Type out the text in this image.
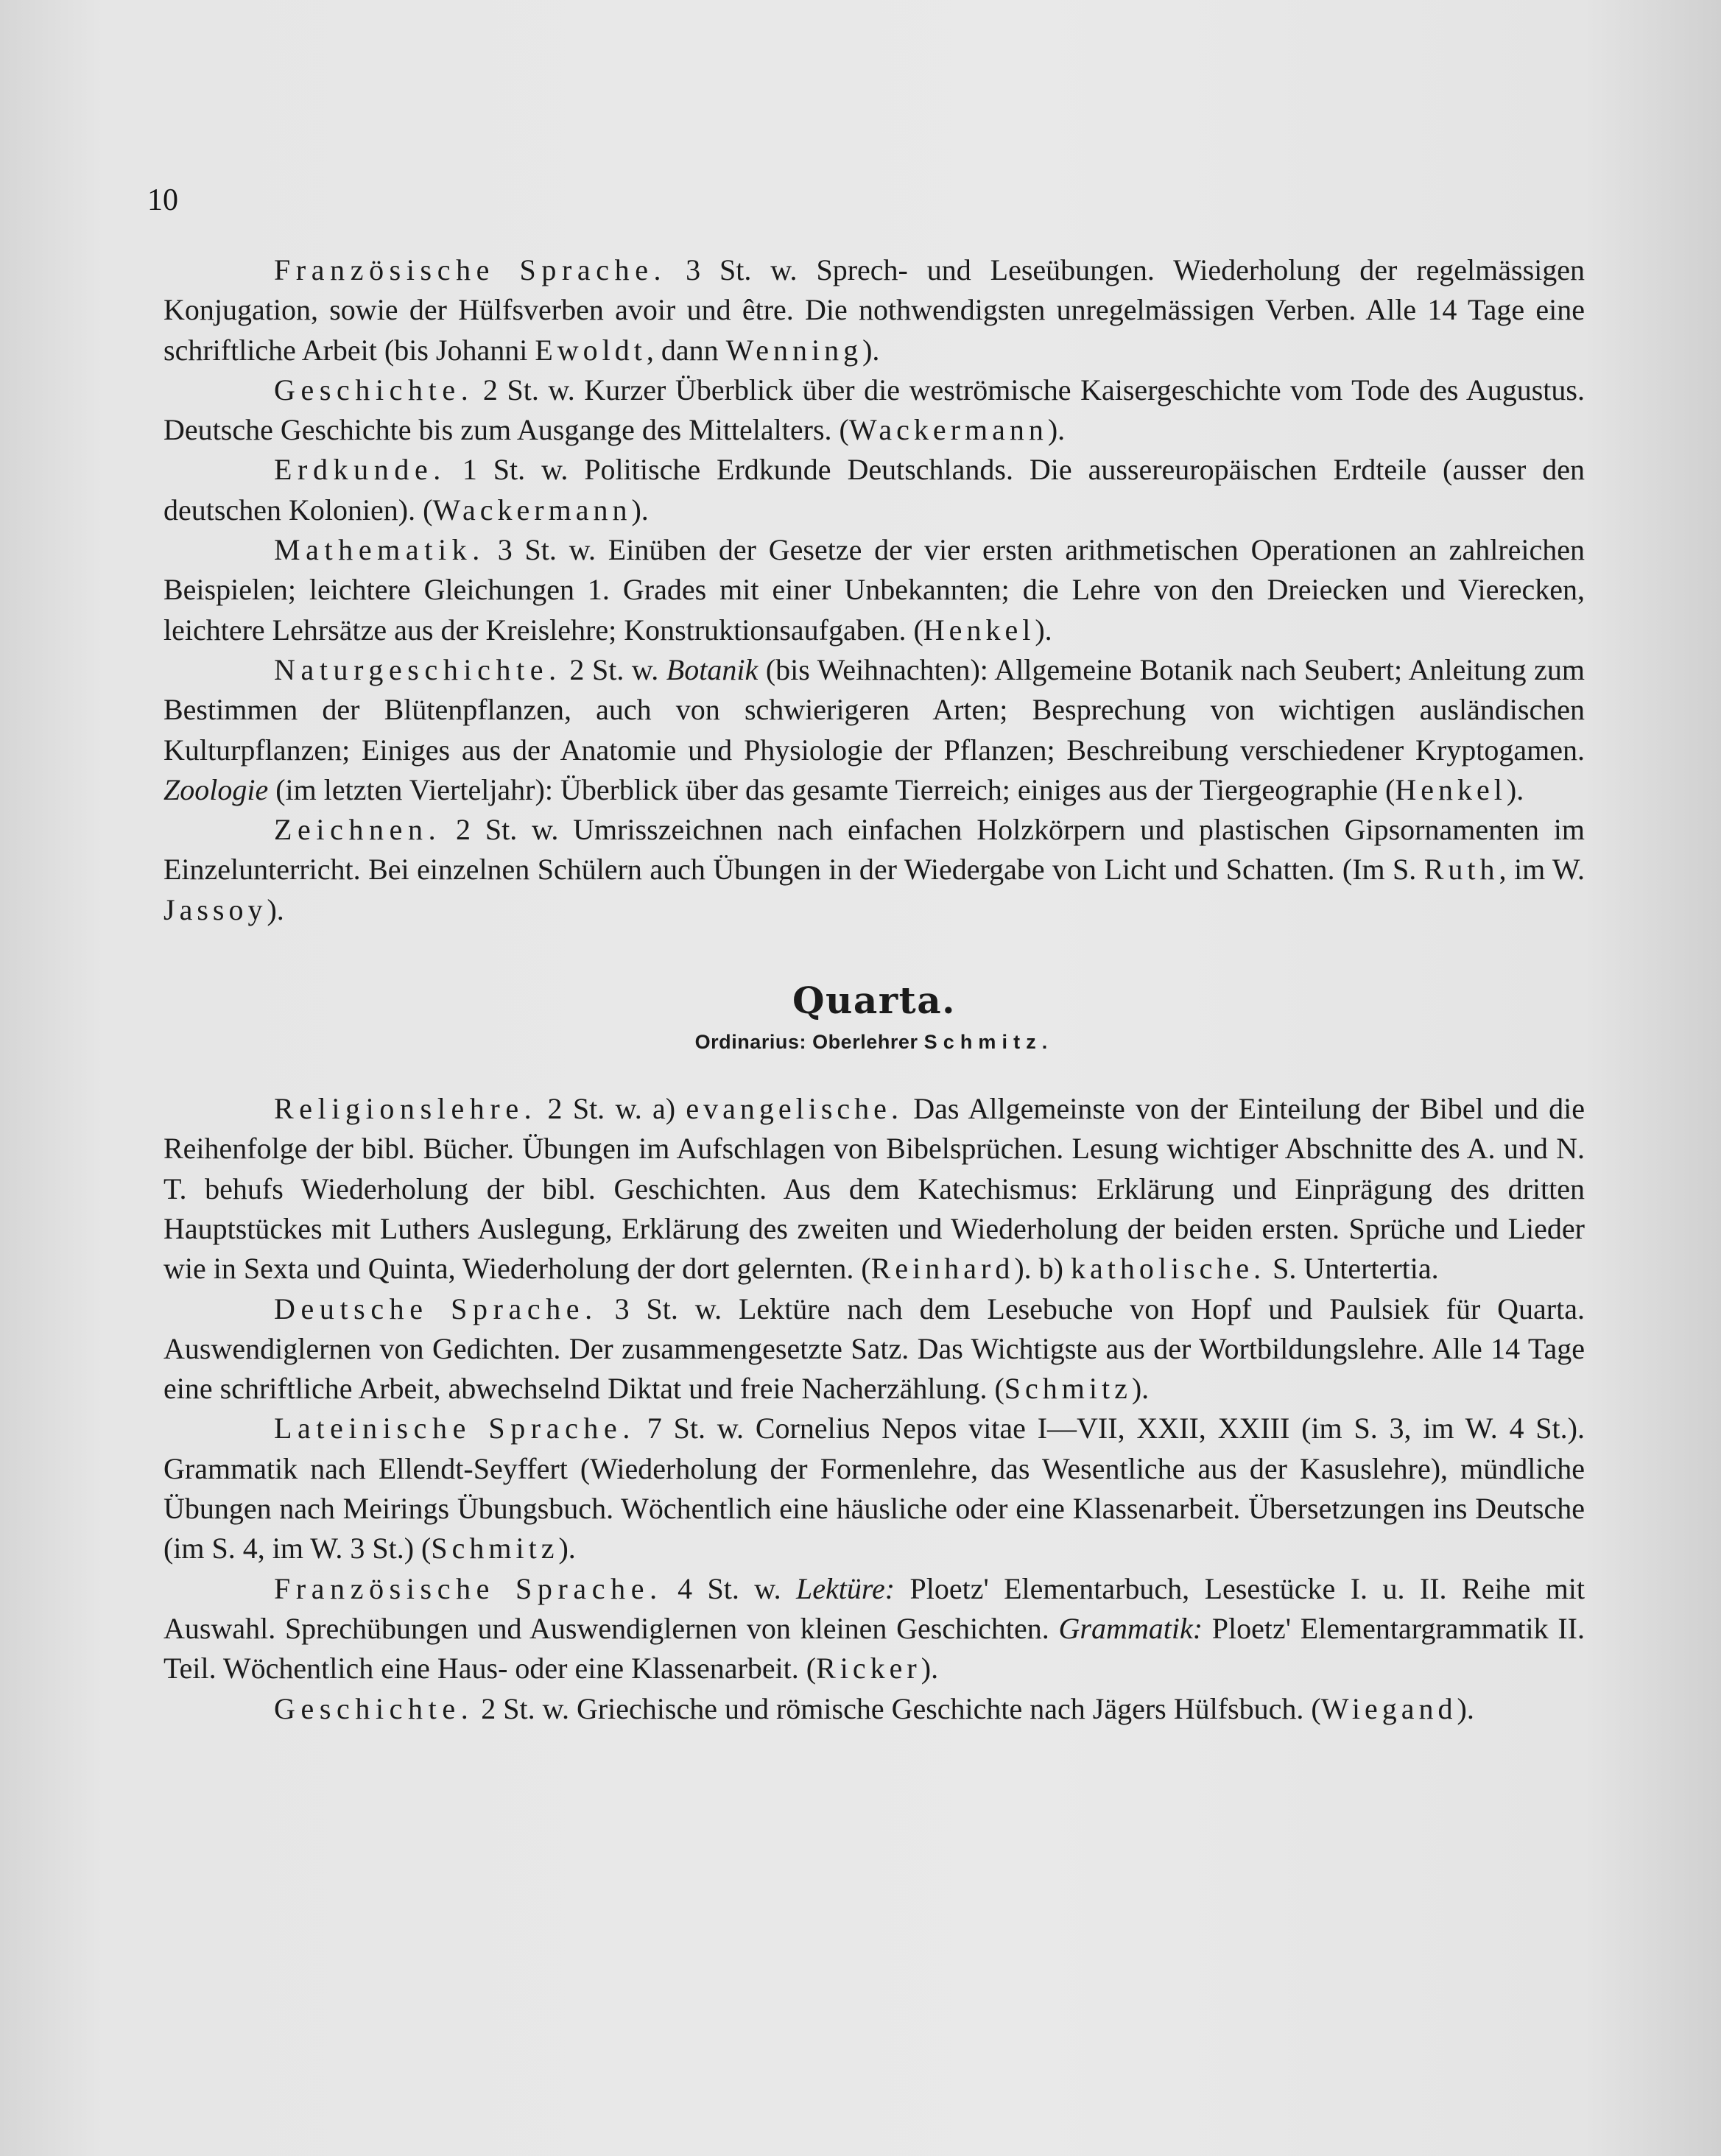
10

Französische Sprache. 3 St. w. Sprech- und Leseübungen. Wiederholung der regelmässigen Konjugation, sowie der Hülfsverben avoir und être. Die nothwendigsten unregelmässigen Verben. Alle 14 Tage eine schriftliche Arbeit (bis Johanni Ewoldt, dann Wenning).

Geschichte. 2 St. w. Kurzer Überblick über die weströmische Kaisergeschichte vom Tode des Augustus. Deutsche Geschichte bis zum Ausgange des Mittelalters. (Wackermann).

Erdkunde. 1 St. w. Politische Erdkunde Deutschlands. Die aussereuropäischen Erdteile (ausser den deutschen Kolonien). (Wackermann).

Mathematik. 3 St. w. Einüben der Gesetze der vier ersten arithmetischen Operationen an zahlreichen Beispielen; leichtere Gleichungen 1. Grades mit einer Unbekannten; die Lehre von den Dreiecken und Vierecken, leichtere Lehrsätze aus der Kreislehre; Konstruktionsaufgaben. (Henkel).

Naturgeschichte. 2 St. w. Botanik (bis Weihnachten): Allgemeine Botanik nach Seubert; Anleitung zum Bestimmen der Blütenpflanzen, auch von schwierigeren Arten; Besprechung von wichtigen ausländischen Kulturpflanzen; Einiges aus der Anatomie und Physiologie der Pflanzen; Beschreibung verschiedener Kryptogamen. Zoologie (im letzten Vierteljahr): Überblick über das gesamte Tierreich; einiges aus der Tiergeographie (Henkel).

Zeichnen. 2 St. w. Umrisszeichnen nach einfachen Holzkörpern und plastischen Gipsornamenten im Einzelunterricht. Bei einzelnen Schülern auch Übungen in der Wiedergabe von Licht und Schatten. (Im S. Ruth, im W. Jassoy).

Quarta.

Ordinarius: Oberlehrer Schmitz.

Religionslehre. 2 St. w. a) evangelische. Das Allgemeinste von der Einteilung der Bibel und die Reihenfolge der bibl. Bücher. Übungen im Aufschlagen von Bibelsprüchen. Lesung wichtiger Abschnitte des A. und N. T. behufs Wiederholung der bibl. Geschichten. Aus dem Katechismus: Erklärung und Einprägung des dritten Hauptstückes mit Luthers Auslegung, Erklärung des zweiten und Wiederholung der beiden ersten. Sprüche und Lieder wie in Sexta und Quinta, Wiederholung der dort gelernten. (Reinhard). b) katholische. S. Untertertia.

Deutsche Sprache. 3 St. w. Lektüre nach dem Lesebuche von Hopf und Paulsiek für Quarta. Auswendiglernen von Gedichten. Der zusammengesetzte Satz. Das Wichtigste aus der Wortbildungslehre. Alle 14 Tage eine schriftliche Arbeit, abwechselnd Diktat und freie Nacherzählung. (Schmitz).

Lateinische Sprache. 7 St. w. Cornelius Nepos vitae I—VII, XXII, XXIII (im S. 3, im W. 4 St.). Grammatik nach Ellendt-Seyffert (Wiederholung der Formenlehre, das Wesentliche aus der Kasuslehre), mündliche Übungen nach Meirings Übungsbuch. Wöchentlich eine häusliche oder eine Klassenarbeit. Übersetzungen ins Deutsche (im S. 4, im W. 3 St.) (Schmitz).

Französische Sprache. 4 St. w. Lektüre: Ploetz' Elementarbuch, Lesestücke I. u. II. Reihe mit Auswahl. Sprechübungen und Auswendiglernen von kleinen Geschichten. Grammatik: Ploetz' Elementargrammatik II. Teil. Wöchentlich eine Haus- oder eine Klassenarbeit. (Ricker).

Geschichte. 2 St. w. Griechische und römische Geschichte nach Jägers Hülfsbuch. (Wiegand).
